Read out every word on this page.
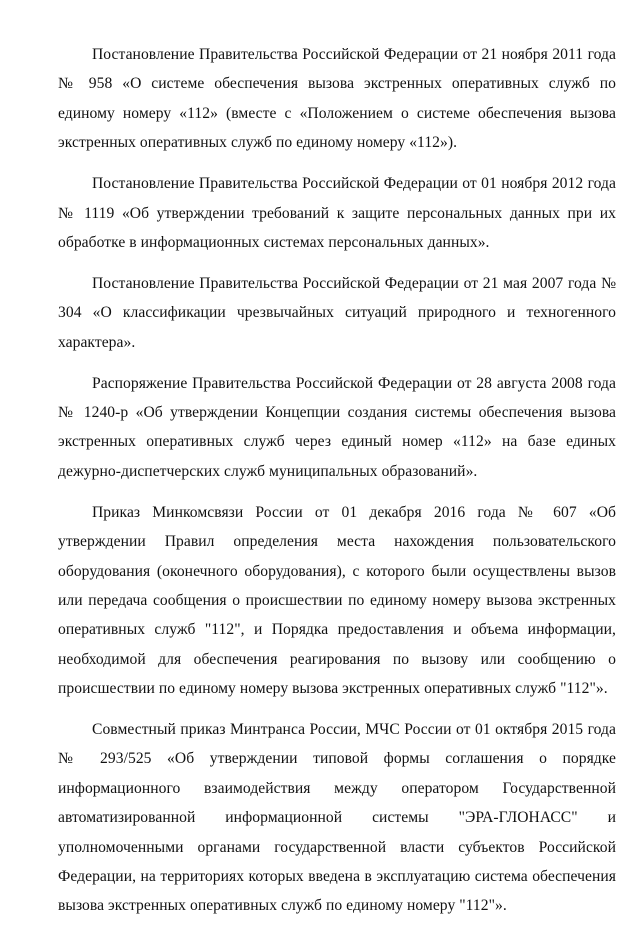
Постановление Правительства Российской Федерации от 21 ноября 2011 года № 958 «О системе обеспечения вызова экстренных оперативных служб по единому номеру «112» (вместе с «Положением о системе обеспечения вызова экстренных оперативных служб по единому номеру «112»).

Постановление Правительства Российской Федерации от 01 ноября 2012 года № 1119 «Об утверждении требований к защите персональных данных при их обработке в информационных системах персональных данных».

Постановление Правительства Российской Федерации от 21 мая 2007 года № 304 «О классификации чрезвычайных ситуаций природного и техногенного характера».

Распоряжение Правительства Российской Федерации от 28 августа 2008 года № 1240-р «Об утверждении Концепции создания системы обеспечения вызова экстренных оперативных служб через единый номер «112» на базе единых дежурно-диспетчерских служб муниципальных образований».

Приказ Минкомсвязи России от 01 декабря 2016 года № 607 «Об утверждении Правил определения места нахождения пользовательского оборудования (оконечного оборудования), с которого были осуществлены вызов или передача сообщения о происшествии по единому номеру вызова экстренных оперативных служб "112", и Порядка предоставления и объема информации, необходимой для обеспечения реагирования по вызову или сообщению о происшествии по единому номеру вызова экстренных оперативных служб "112"».

Совместный приказ Минтранса России, МЧС России от 01 октября 2015 года № 293/525 «Об утверждении типовой формы соглашения о порядке информационного взаимодействия между оператором Государственной автоматизированной информационной системы "ЭРА-ГЛОНАСС" и уполномоченными органами государственной власти субъектов Российской Федерации, на территориях которых введена в эксплуатацию система обеспечения вызова экстренных оперативных служб по единому номеру "112"».
